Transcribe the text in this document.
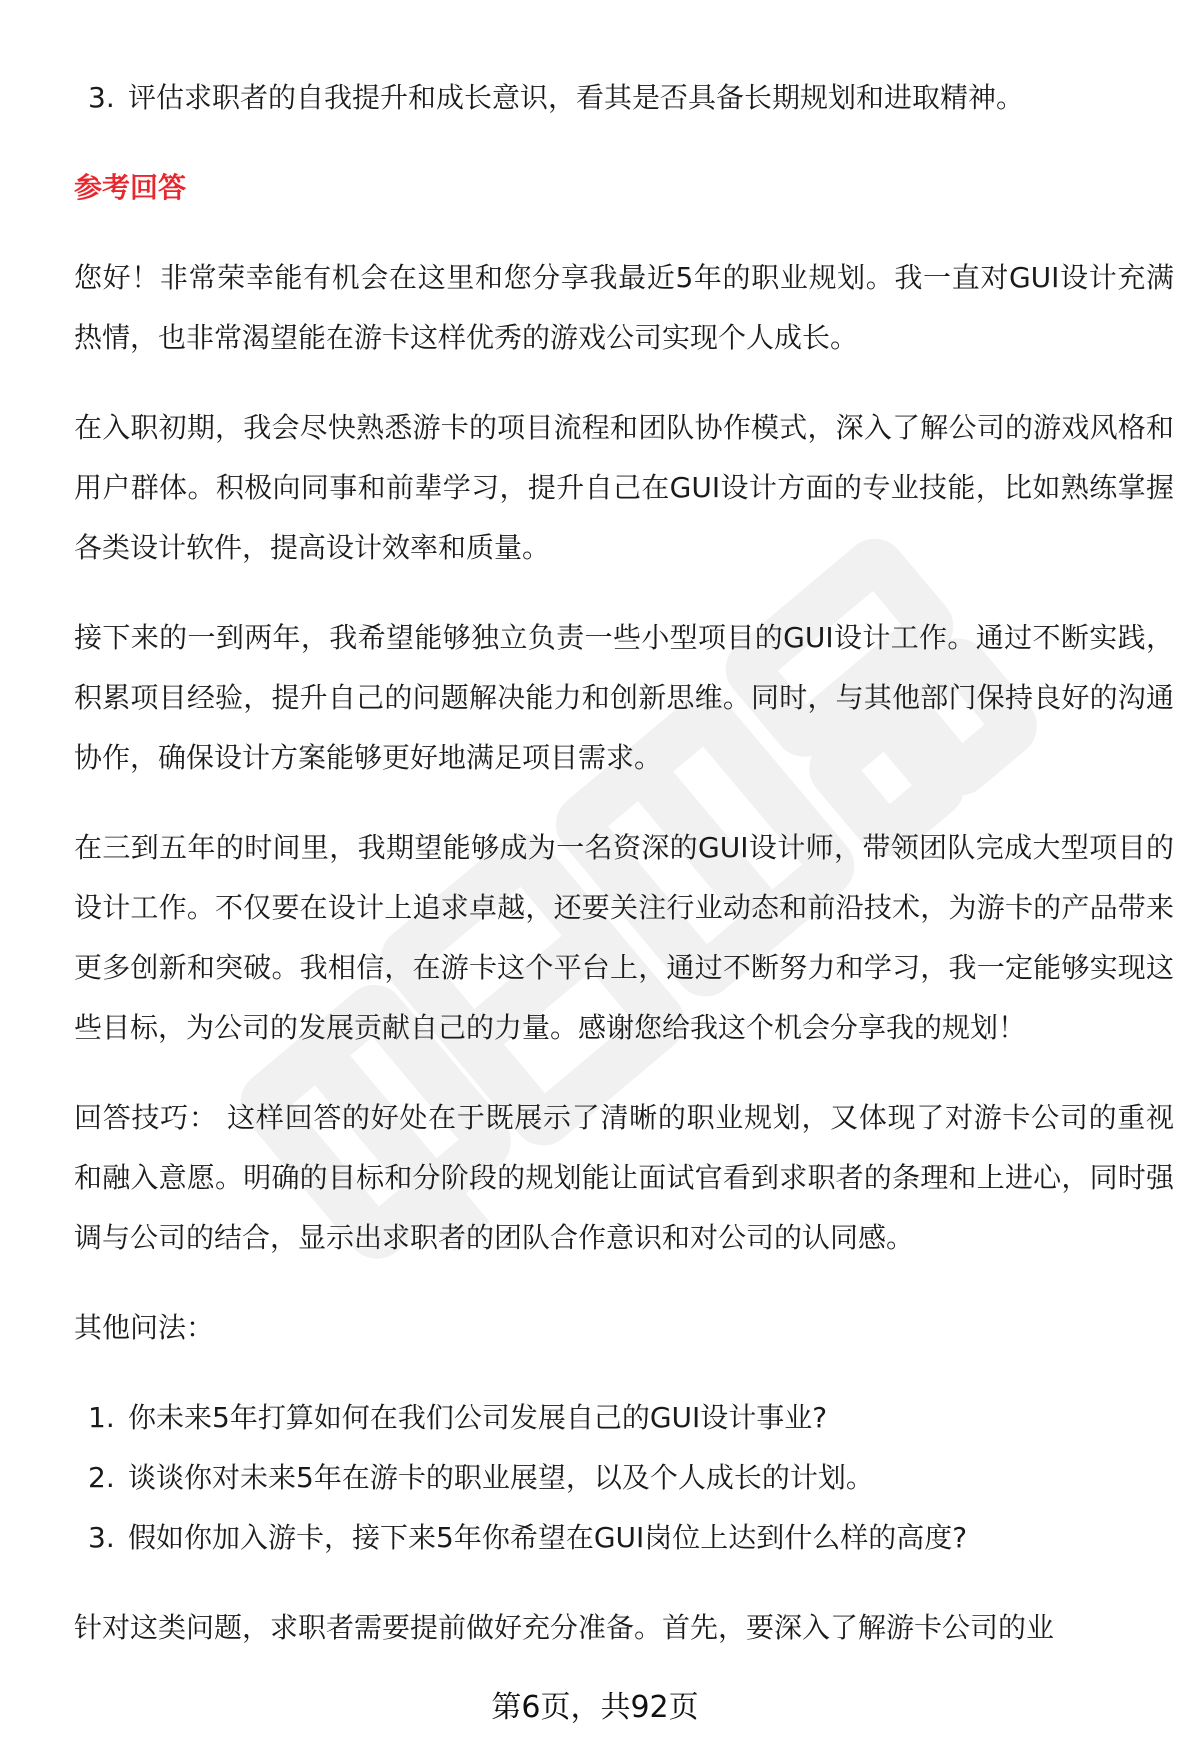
3. 评估求职者的自我提升和成长意识，看其是否具备长期规划和进取精神。
参考回答

您好！非常荣幸能有机会在这里和您分享我最近5年的职业规划。我一直对GUI设计充满热情，也非常渴望能在游卡这样优秀的游戏公司实现个人成长。

在入职初期，我会尽快熟悉游卡的项目流程和团队协作模式，深入了解公司的游戏风格和用户群体。积极向同事和前辈学习，提升自己在GUI设计方面的专业技能，比如熟练掌握各类设计软件，提高设计效率和质量。

接下来的一到两年，我希望能够独立负责一些小型项目的GUI设计工作。通过不断实践，积累项目经验，提升自己的问题解决能力和创新思维。同时，与其他部门保持良好的沟通协作，确保设计方案能够更好地满足项目需求。

在三到五年的时间里，我期望能够成为一名资深的GUI设计师，带领团队完成大型项目的设计工作。不仅要在设计上追求卓越，还要关注行业动态和前沿技术，为游卡的产品带来更多创新和突破。我相信，在游卡这个平台上，通过不断努力和学习，我一定能够实现这些目标，为公司的发展贡献自己的力量。感谢您给我这个机会分享我的规划！

回答技巧： 这样回答的好处在于既展示了清晰的职业规划，又体现了对游卡公司的重视和融入意愿。明确的目标和分阶段的规划能让面试官看到求职者的条理和上进心，同时强调与公司的结合，显示出求职者的团队合作意识和对公司的认同感。

其他问法：

1. 你未来5年打算如何在我们公司发展自己的GUI设计事业?
2. 谈谈你对未来5年在游卡的职业展望，以及个人成长的计划。
3. 假如你加入游卡，接下来5年你希望在GUI岗位上达到什么样的高度?

针对这类问题，求职者需要提前做好充分准备。首先，要深入了解游卡公司的业

第6页，共92页
